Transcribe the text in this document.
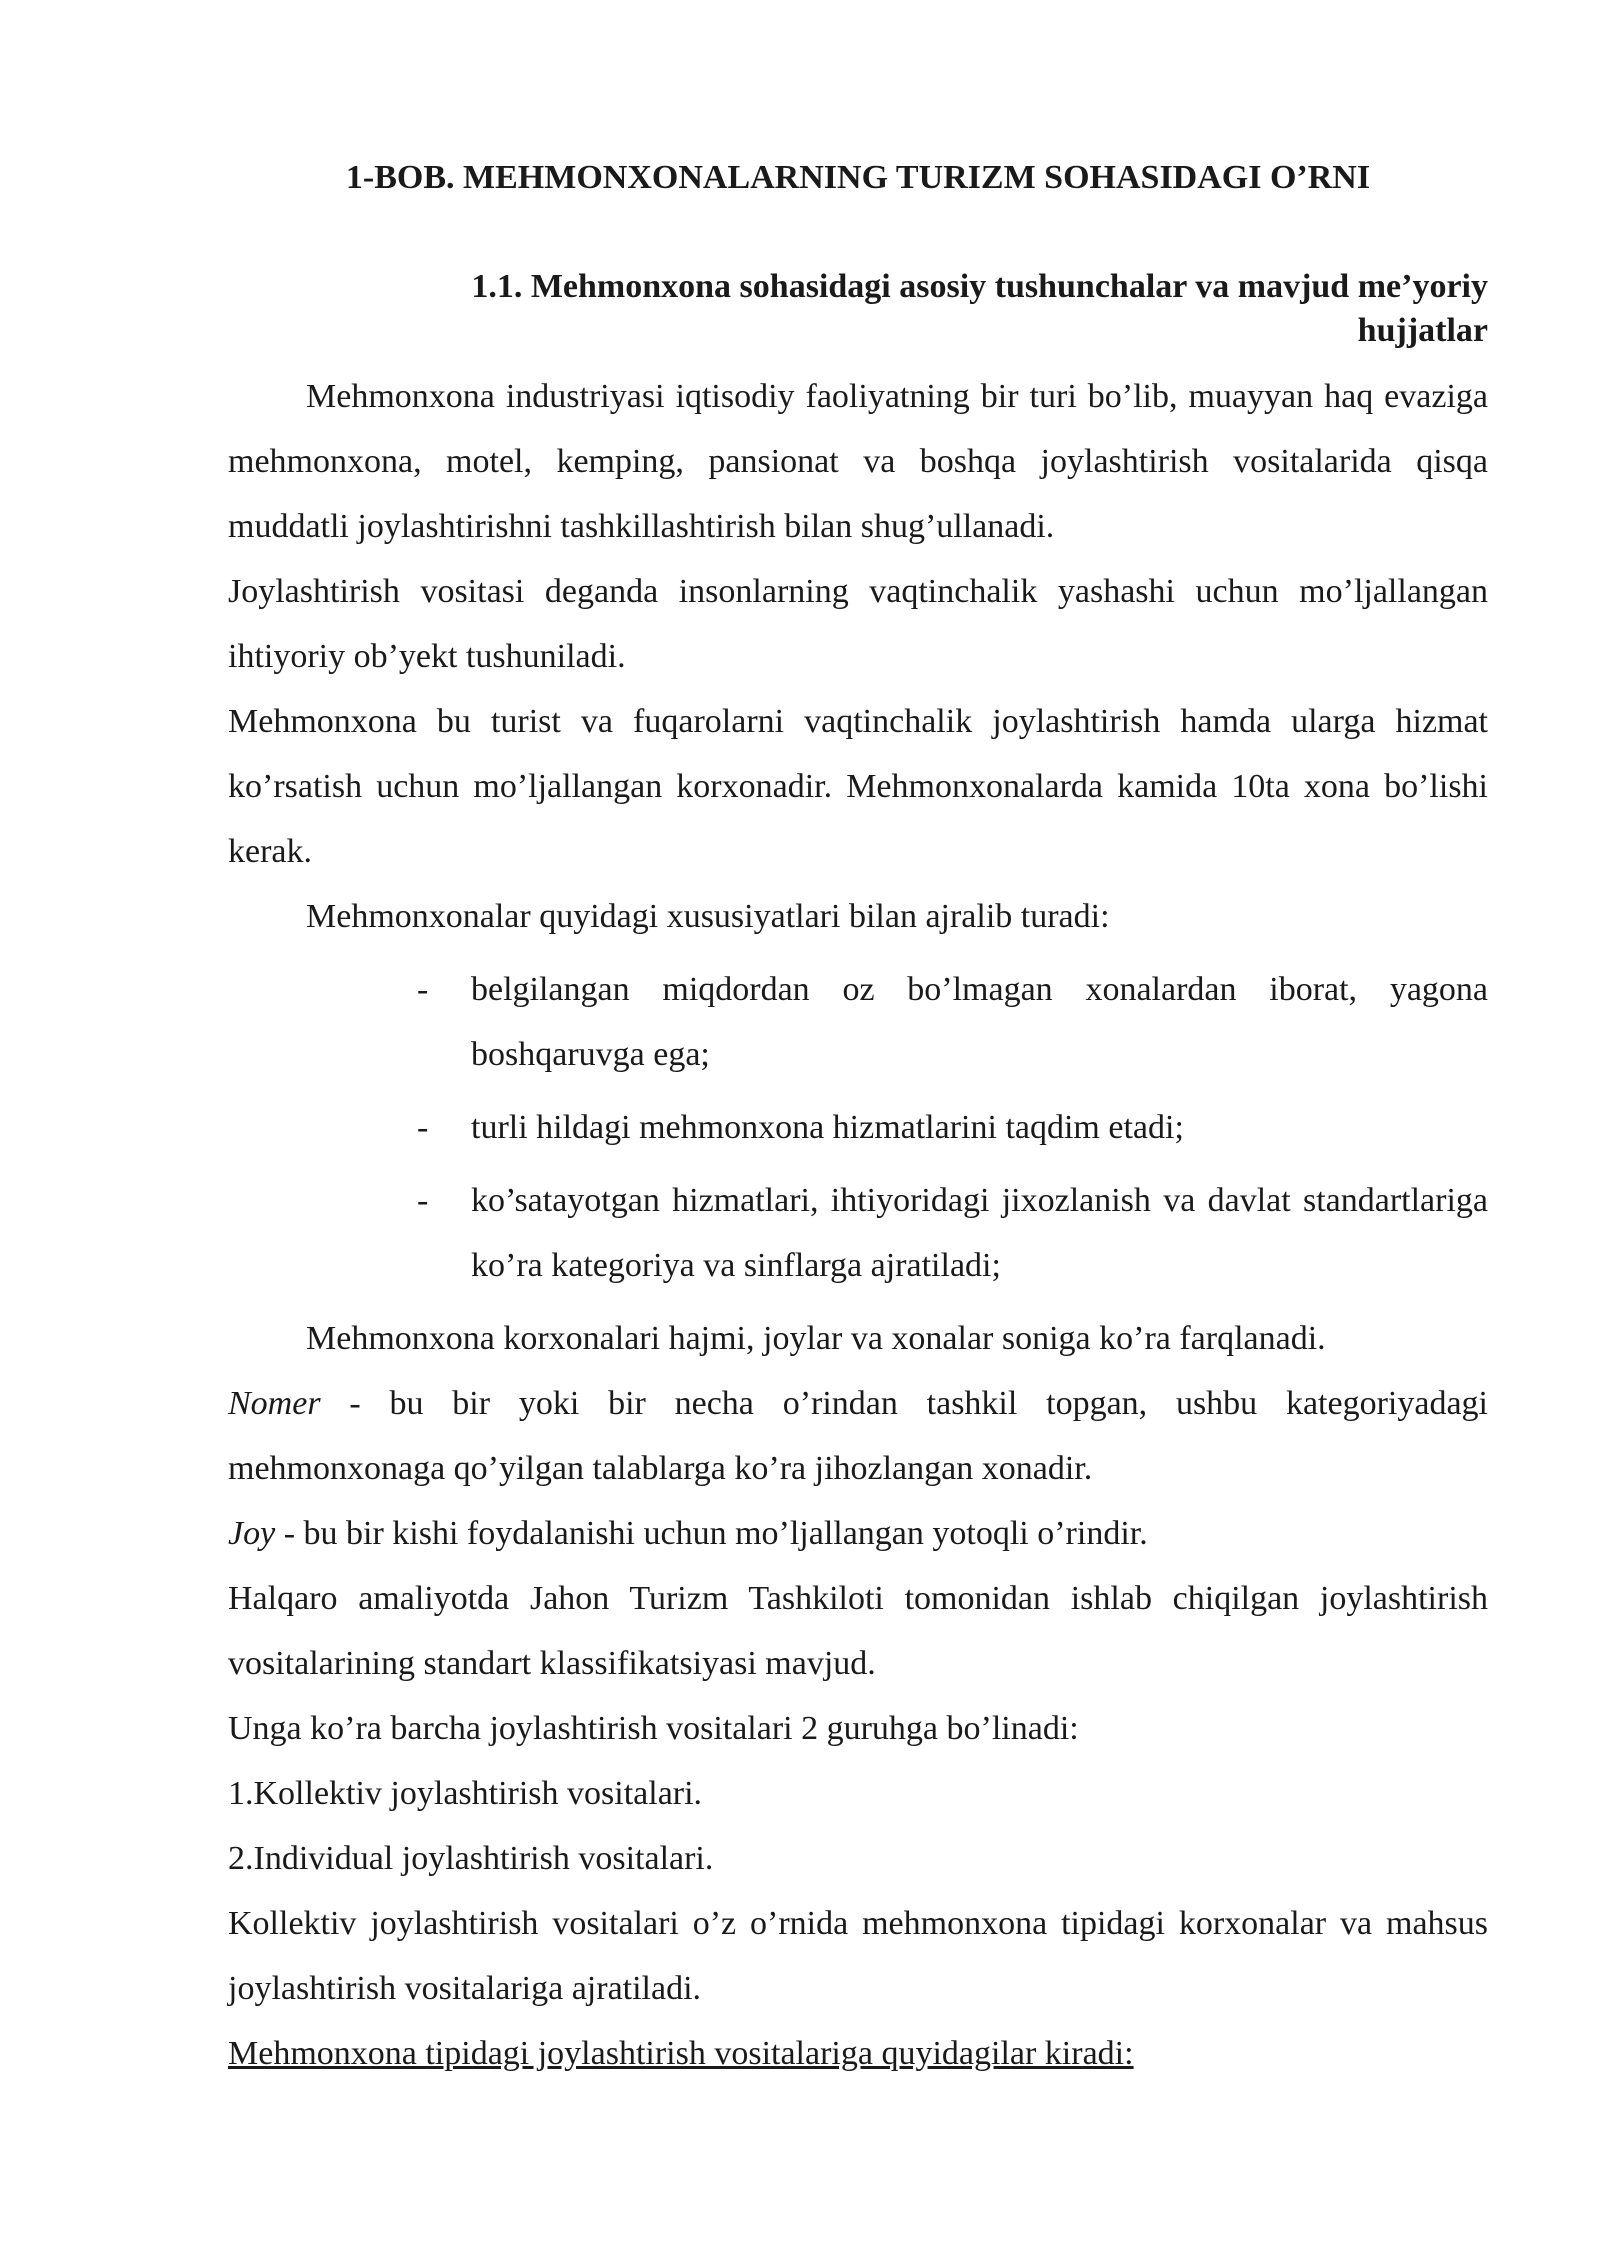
1-BOB. MEHMONXONALARNING TURIZM SOHASIDAGI O’RNI
1.1. Mehmonxona sohasidagi asosiy tushunchalar va mavjud me’yoriy
hujjatlar

Mehmonxona industriyasi iqtisodiy faoliyatning bir turi bo’lib, muayyan haq evaziga mehmonxona, motel, kemping, pansionat va boshqa joylashtirish vositalarida qisqa muddatli joylashtirishni tashkillashtirish bilan shug’ullanadi.

Joylashtirish vositasi deganda insonlarning vaqtinchalik yashashi uchun mo’ljallangan ihtiyoriy ob’yekt tushuniladi.

Mehmonxona bu turist va fuqarolarni vaqtinchalik joylashtirish hamda ularga hizmat ko’rsatish uchun mo’ljallangan korxonadir. Mehmonxonalarda kamida 10ta xona bo’lishi kerak.

Mehmonxonalar quyidagi xususiyatlari bilan ajralib turadi:

- belgilangan miqdordan oz bo’lmagan xonalardan iborat, yagona boshqaruvga ega;
- turli hildagi mehmonxona hizmatlarini taqdim etadi;
- ko’satayotgan hizmatlari, ihtiyoridagi jixozlanish va davlat standartlariga ko’ra kategoriya va sinflarga ajratiladi;

Mehmonxona korxonalari hajmi, joylar va xonalar soniga ko’ra farqlanadi.

Nomer - bu bir yoki bir necha o’rindan tashkil topgan, ushbu kategoriyadagi mehmonxonaga qo’yilgan talablarga ko’ra jihozlangan xonadir.

Joy - bu bir kishi foydalanishi uchun mo’ljallangan yotoqli o’rindir.

Halqaro amaliyotda Jahon Turizm Tashkiloti tomonidan ishlab chiqilgan joylashtirish vositalarining standart klassifikatsiyasi mavjud.

Unga ko’ra barcha joylashtirish vositalari 2 guruhga bo’linadi:

1.Kollektiv joylashtirish vositalari.

2.Individual joylashtirish vositalari.

Kollektiv joylashtirish vositalari o’z o’rnida mehmonxona tipidagi korxonalar va mahsus joylashtirish vositalariga ajratiladi.

Mehmonxona tipidagi joylashtirish vositalariga quyidagilar kiradi:
